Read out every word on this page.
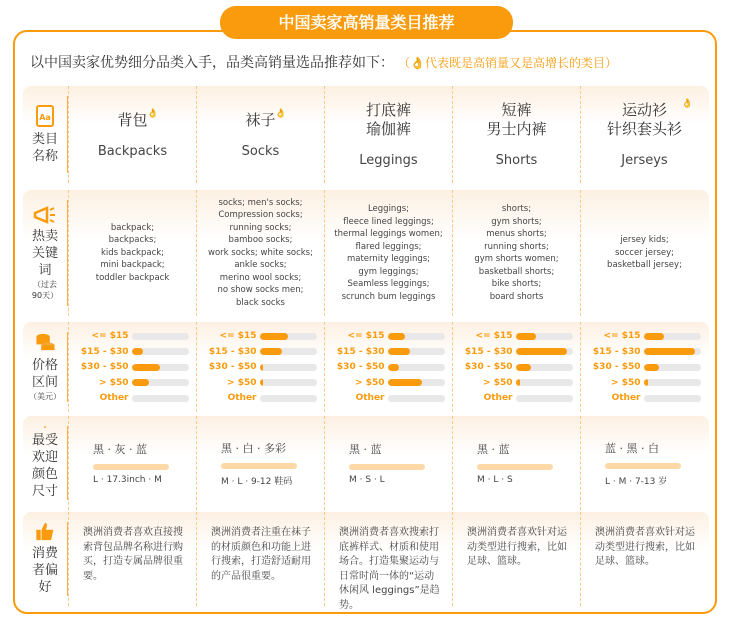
中国卖家高销量类目推荐
以中国卖家优势细分品类入手，品类高销量选品推荐如下： （👌代表既是高销量又是高增长的类目）
Aa
类目名称
背包 👌
Backpacks
袜子 👌
Socks
打底裤
瑜伽裤
Leggings
短裤
男士内裤
Shorts
运动衫
针织套头衫
👌
Jerseys
热卖关键词
（过去90天）
backpack;
backpacks;
kids backpack;
mini backpack;
toddler backpack
socks; men's socks;
Compression socks;
running socks;
bamboo socks;
work socks; white socks;
ankle socks;
merino wool socks;
no show socks men;
black socks
Leggings;
fleece lined leggings;
thermal leggings women;
flared leggings;
maternity leggings;
gym leggings;
Seamless leggings;
scrunch bum leggings
shorts;
gym shorts;
menus shorts;
running shorts;
gym shorts women;
basketball shorts;
bike shorts;
board shorts
jersey kids;
soccer jersey;
basketball jersey;
价格区间
（美元）
<= $15
$15 - $30
$30 - $50
> $50
Other
<= $15
$15 - $30
$30 - $50
> $50
Other
<= $15
$15 - $30
$30 - $50
> $50
Other
<= $15
$15 - $30
$30 - $50
> $50
Other
<= $15
$15 - $30
$30 - $50
> $50
Other
最受欢迎颜色尺寸
黑 · 灰 · 蓝
L · 17.3inch · M
黑 · 白 · 多彩
M · L · 9-12 鞋码
黑 · 蓝
M · S · L
黑 · 蓝
M · L · S
蓝 · 黑 · 白
L · M · 7-13 岁
消费者偏好
澳洲消费者喜欢直接搜索背包品牌名称进行购买，打造专属品牌很重要。
澳洲消费者注重在袜子的材质颜色和功能上进行搜索，打造舒适耐用的产品很重要。
澳洲消费者喜欢搜索打底裤样式、材质和使用场合。打造集聚运动与日常时尚一体的“运动休闲风 leggings”是趋势。
澳洲消费者喜欢针对运动类型进行搜索，比如足球、篮球。
澳洲消费者喜欢针对运动类型进行搜索，比如足球、篮球。
